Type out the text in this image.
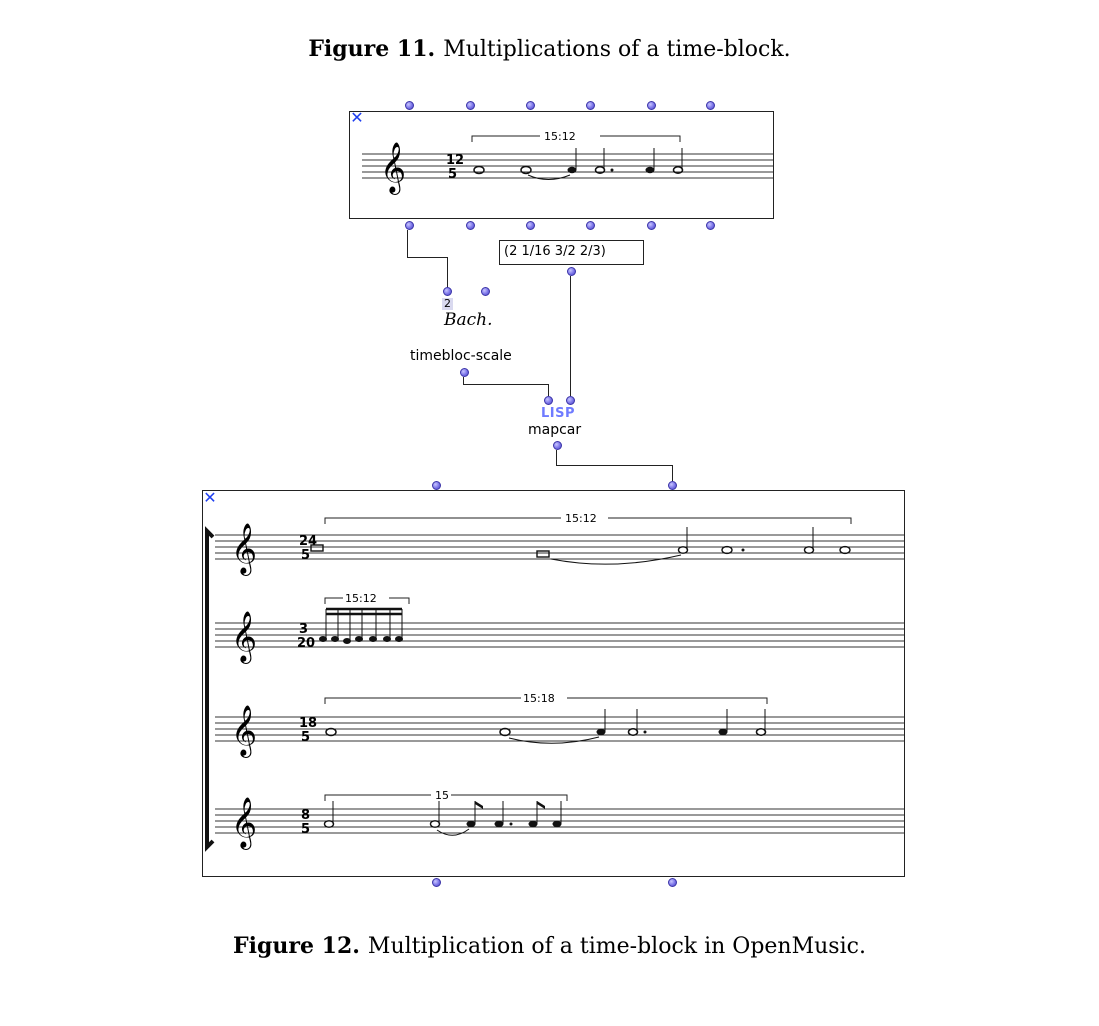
Figure 11. Multiplications of a time-block.
𝄞	12
5
15:12
✕
(2 1/16 3/2 2/3)
2
Bach.
timebloc-scale
LISP
mapcar
𝄞	24
5
15:12
𝄞	3
20
15:12
𝄞	18
5
15:18
𝄞	8
5
15
✕
Figure 12. Multiplication of a time-block in OpenMusic.
